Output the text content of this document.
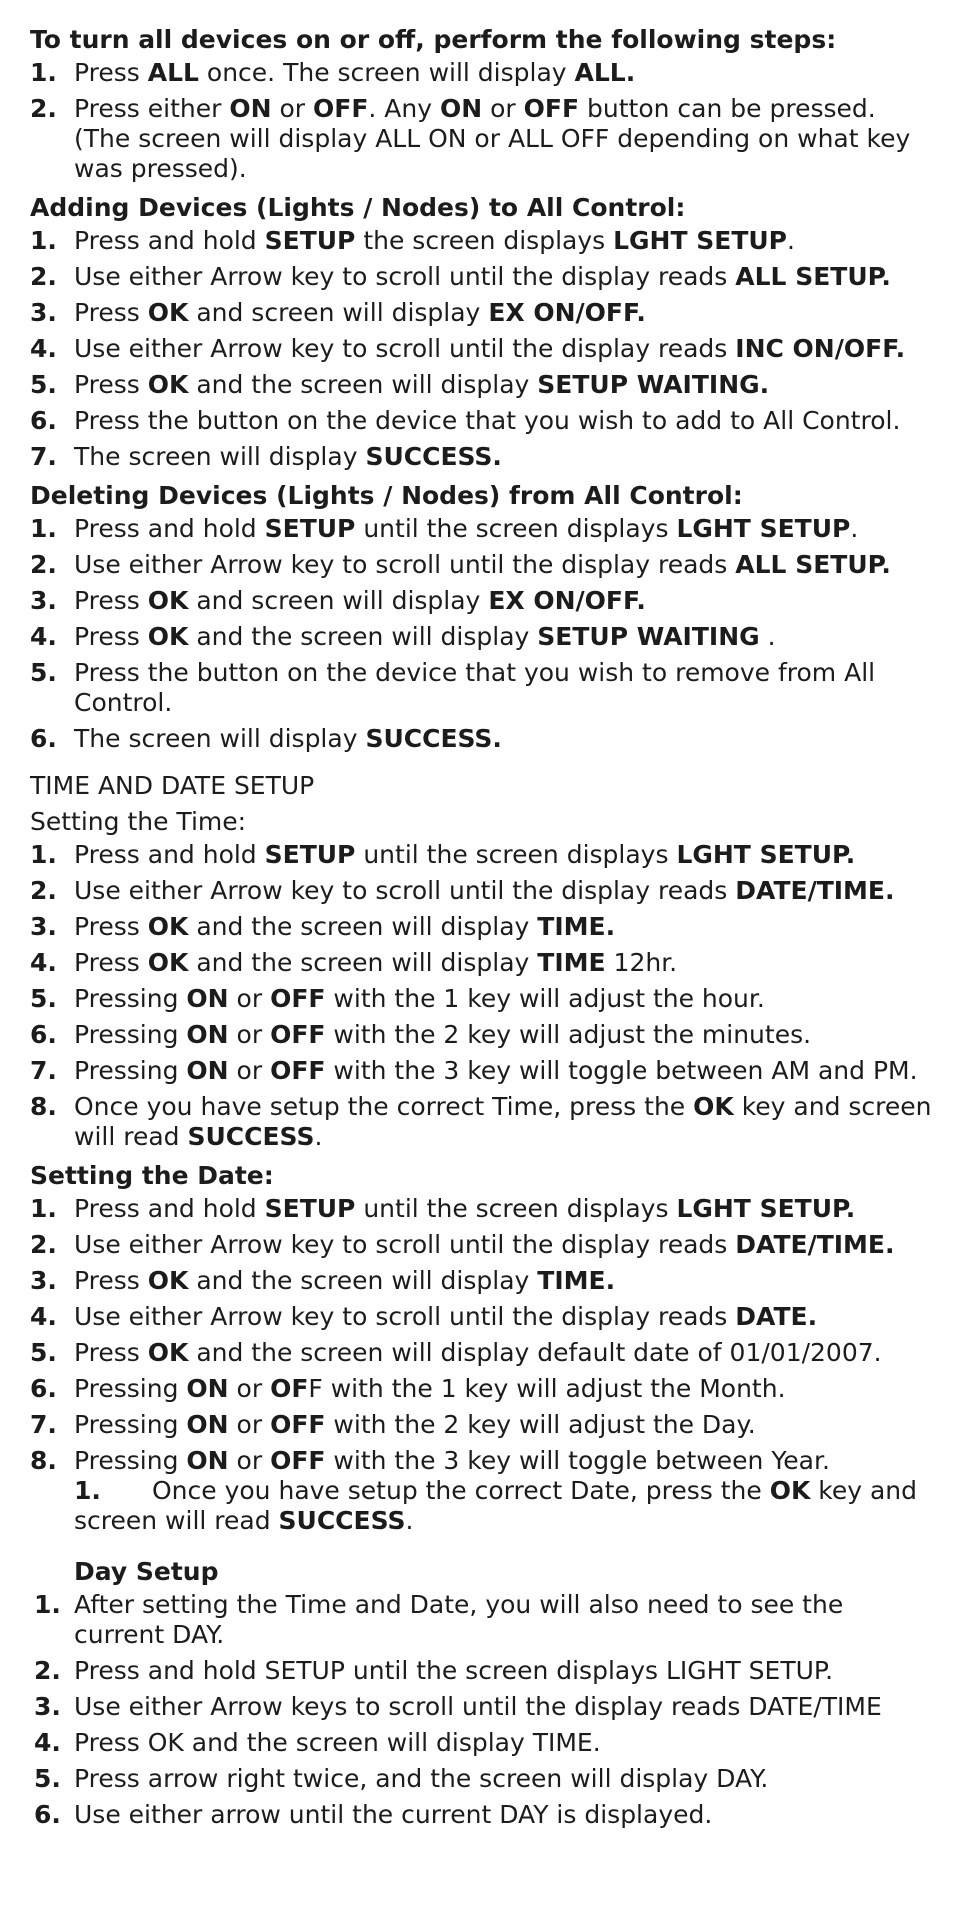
To turn all devices on or off, perform the following steps:
1. Press ALL once. The screen will display ALL.
2. Press either ON or OFF. Any ON or OFF button can be pressed. (The screen will display ALL ON or ALL OFF depending on what key was pressed).
Adding Devices (Lights / Nodes) to All Control:
1. Press and hold SETUP the screen displays LGHT SETUP.
2. Use either Arrow key to scroll until the display reads ALL SETUP.
3. Press OK and screen will display EX ON/OFF.
4. Use either Arrow key to scroll until the display reads INC ON/OFF.
5. Press OK and the screen will display SETUP WAITING.
6. Press the button on the device that you wish to add to All Control.
7. The screen will display SUCCESS.
Deleting Devices (Lights / Nodes) from All Control:
1. Press and hold SETUP until the screen displays LGHT SETUP.
2. Use either Arrow key to scroll until the display reads ALL SETUP.
3. Press OK and screen will display EX ON/OFF.
4. Press OK and the screen will display SETUP WAITING .
5. Press the button on the device that you wish to remove from All Control.
6. The screen will display SUCCESS.
TIME AND DATE SETUP
Setting the Time:
1. Press and hold SETUP until the screen displays LGHT SETUP.
2. Use either Arrow key to scroll until the display reads DATE/TIME.
3. Press OK and the screen will display TIME.
4. Press OK and the screen will display TIME 12hr.
5. Pressing ON or OFF with the 1 key will adjust the hour.
6. Pressing ON or OFF with the 2 key will adjust the minutes.
7. Pressing ON or OFF with the 3 key will toggle between AM and PM.
8. Once you have setup the correct Time, press the OK key and screen will read SUCCESS.
Setting the Date:
1. Press and hold SETUP until the screen displays LGHT SETUP.
2. Use either Arrow key to scroll until the display reads DATE/TIME.
3. Press OK and the screen will display TIME.
4. Use either Arrow key to scroll until the display reads DATE.
5. Press OK and the screen will display default date of 01/01/2007.
6. Pressing ON or OFF with the 1 key will adjust the Month.
7. Pressing ON or OFF with the 2 key will adjust the Day.
8. Pressing ON or OFF with the 3 key will toggle between Year.
1. Once you have setup the correct Date, press the OK key and screen will read SUCCESS.
Day Setup
1. After setting the Time and Date, you will also need to see the current DAY.
2. Press and hold SETUP until the screen displays LIGHT SETUP.
3. Use either Arrow keys to scroll until the display reads DATE/TIME
4. Press OK and the screen will display TIME.
5. Press arrow right twice, and the screen will display DAY.
6. Use either arrow until the current DAY is displayed.
